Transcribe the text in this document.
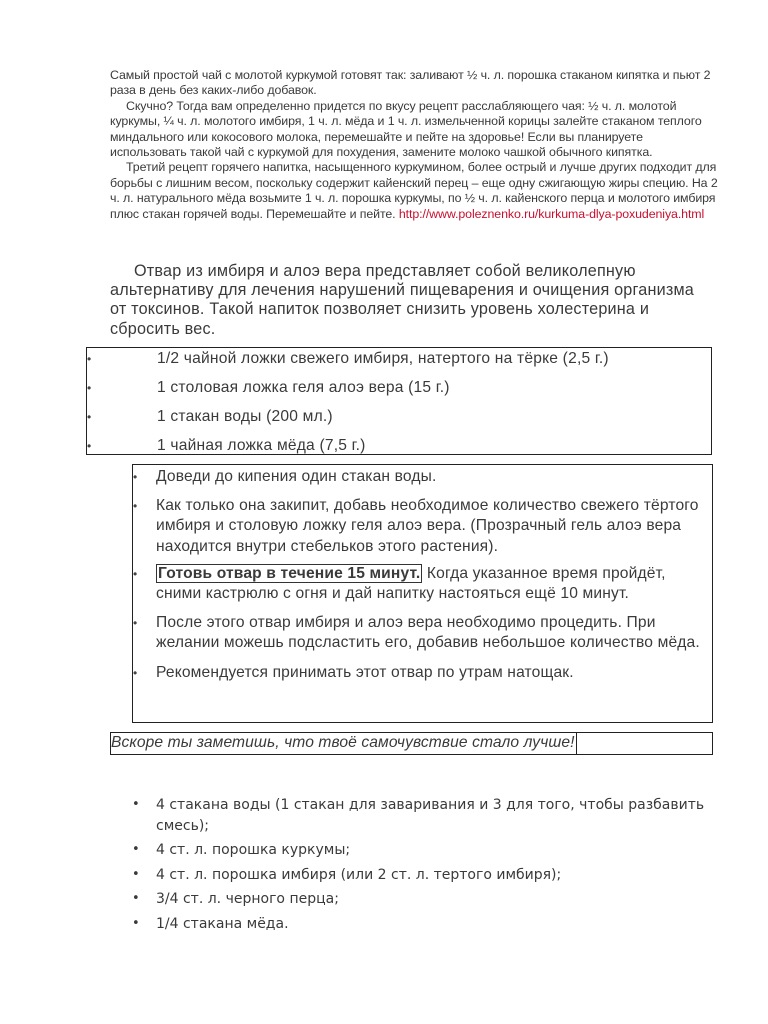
Самый простой чай с молотой куркумой готовят так: заливают ½ ч. л. порошка стаканом кипятка и пьют 2 раза в день без каких-либо добавок.

Скучно? Тогда вам определенно придется по вкусу рецепт расслабляющего чая: ½ ч. л. молотой куркумы, ¼ ч. л. молотого имбиря, 1 ч. л. мёда и 1 ч. л. измельченной корицы залейте стаканом теплого миндального или кокосового молока, перемешайте и пейте на здоровье! Если вы планируете использовать такой чай с куркумой для похудения, замените молоко чашкой обычного кипятка.

Третий рецепт горячего напитка, насыщенного куркумином, более острый и лучше других подходит для борьбы с лишним весом, поскольку содержит кайенский перец – еще одну сжигающую жиры специю. На 2 ч. л. натурального мёда возьмите 1 ч. л. порошка куркумы, по ½ ч. л. кайенского перца и молотого имбиря плюс стакан горячей воды. Перемешайте и пейте. http://www.poleznenko.ru/kurkuma-dlya-poxudeniya.html

Отвар из имбиря и алоэ вера представляет собой великолепную альтернативу для лечения нарушений пищеварения и очищения организма от токсинов. Такой напиток позволяет снизить уровень холестерина и сбросить вес.

•	1/2 чайной ложки свежего имбиря, натертого на тёрке (2,5 г.)
•	1 столовая ложка геля алоэ вера (15 г.)
•	1 стакан воды (200 мл.)
•	1 чайная ложка мёда (7,5 г.)
• Доведи до кипения один стакан воды.
• Как только она закипит, добавь необходимое количество свежего тёртого имбиря и столовую ложку геля алоэ вера. (Прозрачный гель алоэ вера находится внутри стебельков этого растения).
• Готовь отвар в течение 15 минут. Когда указанное время пройдёт, сними кастрюлю с огня и дай напитку настояться ещё 10 минут.
• После этого отвар имбиря и алоэ вера необходимо процедить. При желании можешь подсластить его, добавив небольшое количество мёда.
• Рекомендуется принимать этот отвар по утрам натощак.
Вскоре ты заметишь, что твоё самочувствие стало лучше!
• 4 стакана воды (1 стакан для заваривания и 3 для того, чтобы разбавить смесь);
• 4 ст. л. порошка куркумы;
• 4 ст. л. порошка имбиря (или 2 ст. л. тертого имбиря);
• 3/4 ст. л. черного перца;
• 1/4 стакана мёда.
